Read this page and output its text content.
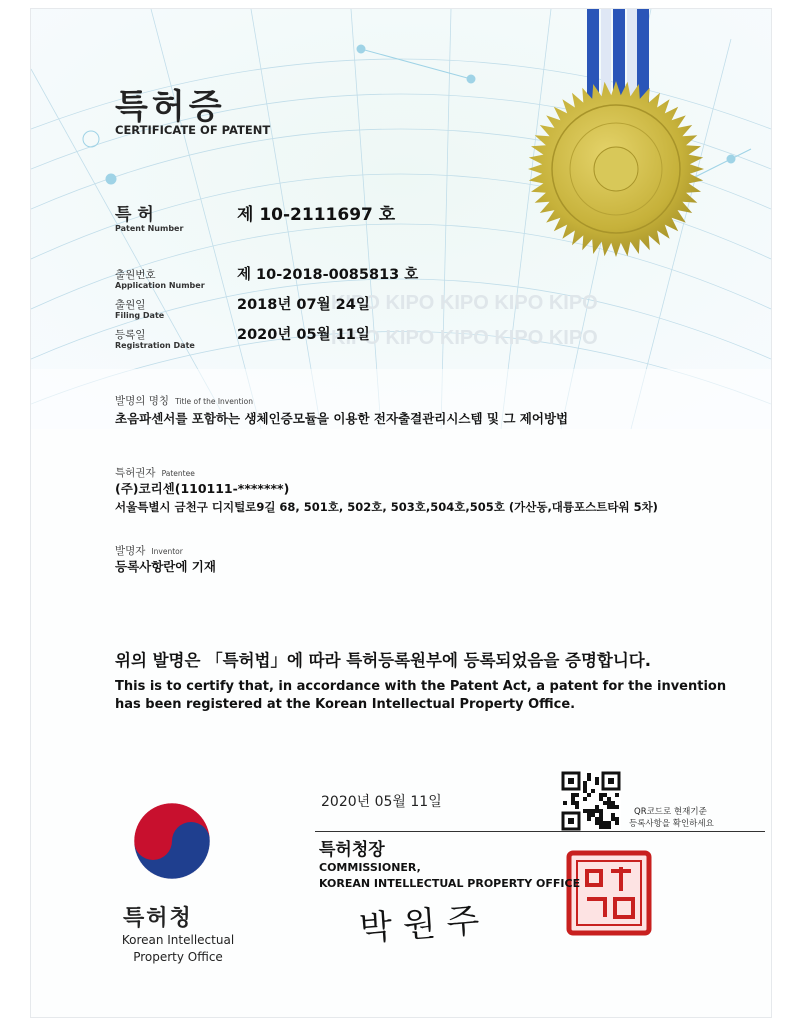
KIPO KIPO KIPO KIPO KIPO
KIPO KIPO KIPO KIPO KIPO
특허증
CERTIFICATE OF PATENT
특 허
Patent Number
제 10-2111697 호
출원번호
Application Number
제 10-2018-0085813 호
출원일
Filing Date
2018년 07월 24일
등록일
Registration Date
2020년 05월 11일
발명의 명칭 Title of the Invention
초음파센서를 포함하는 생체인증모듈을 이용한 전자출결관리시스템 및 그 제어방법
특허권자 Patentee
(주)코리센(110111-*******)
서울특별시 금천구 디지털로9길 68, 501호, 502호, 503호,504호,505호 (가산동,대륭포스트타워 5차)
발명자 Inventor
등록사항란에 기재
위의 발명은 「특허법」에 따라 특허등록원부에 등록되었음을 증명합니다.
This is to certify that, in accordance with the Patent Act, a patent for the invention
has been registered at the Korean Intellectual Property Office.
2020년 05월 11일
QR코드로 현재기준
등록사항을 확인하세요
특허청장
COMMISSIONER,
KOREAN INTELLECTUAL PROPERTY OFFICE
박 원 주
특허청
Korean Intellectual
Property Office
